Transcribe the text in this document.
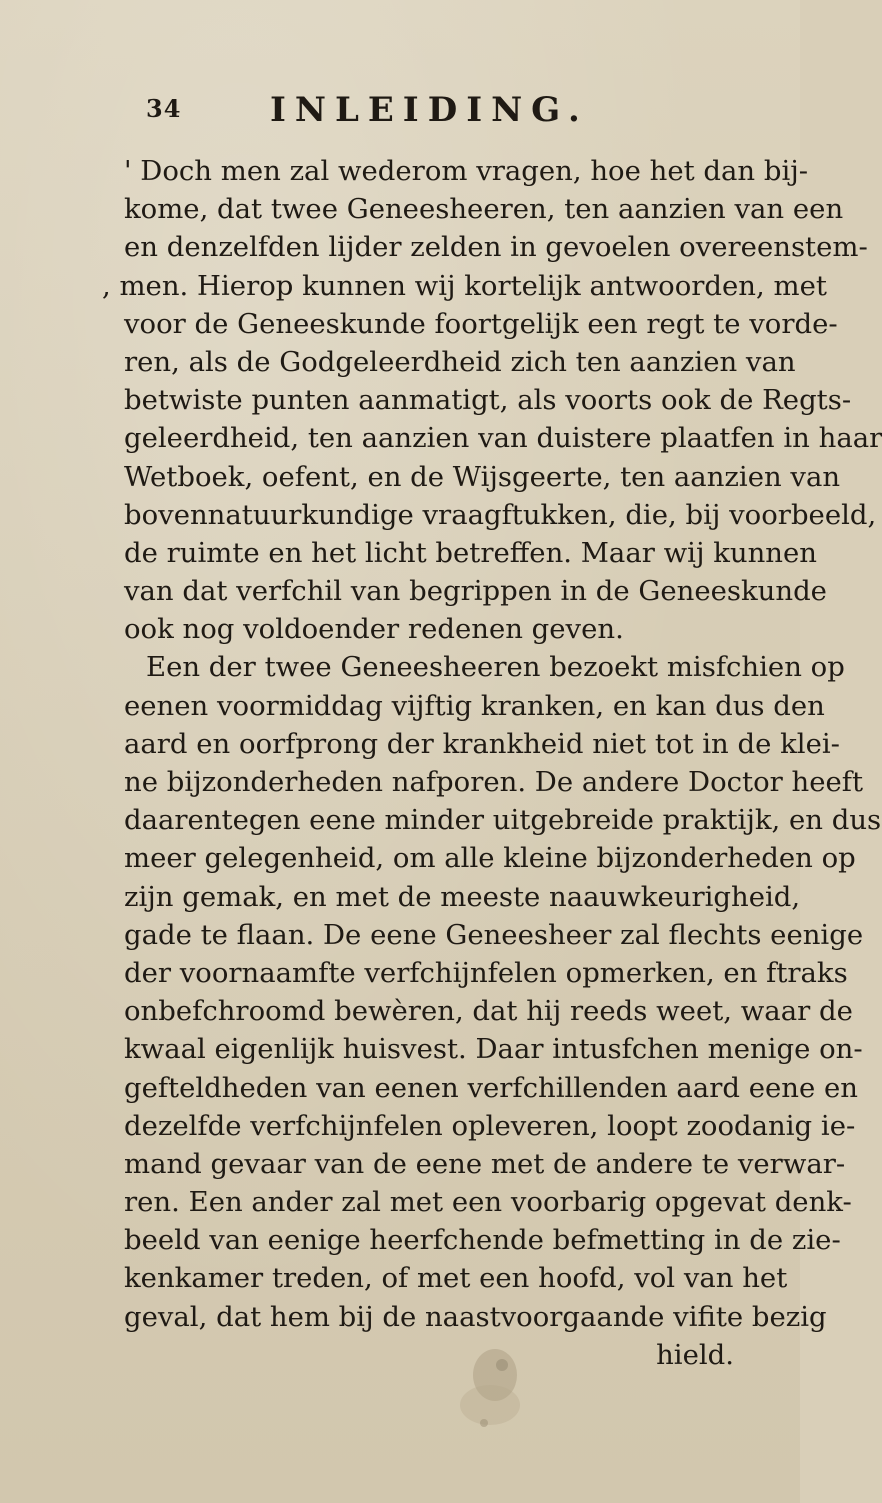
34	INLEIDING.
' Doch men zal wederom vragen, hoe het dan bij-
kome, dat twee Geneesheeren, ten aanzien van een
en denzelfden lijder zelden in gevoelen overeenstem-
, men. Hierop kunnen wij kortelijk antwoorden, met
voor de Geneeskunde foortgelijk een regt te vorde-
ren, als de Godgeleerdheid zich ten aanzien van
betwiste punten aanmatigt, als voorts ook de Regts-
geleerdheid, ten aanzien van duistere plaatfen in haar
Wetboek, oefent, en de Wijsgeerte, ten aanzien van
bovennatuurkundige vraagftukken, die, bij voorbeeld,
de ruimte en het licht betreffen. Maar wij kunnen
van dat verfchil van begrippen in de Geneeskunde
ook nog voldoender redenen geven.
Een der twee Geneesheeren bezoekt misfchien op
eenen voormiddag vijftig kranken, en kan dus den
aard en oorfprong der krankheid niet tot in de klei-
ne bijzonderheden nafporen. De andere Doctor heeft
daarentegen eene minder uitgebreide praktijk, en dus
meer gelegenheid, om alle kleine bijzonderheden op
zijn gemak, en met de meeste naauwkeurigheid,
gade te flaan. De eene Geneesheer zal flechts eenige
der voornaamfte verfchijnfelen opmerken, en ftraks
onbefchroomd bewèren, dat hij reeds weet, waar de
kwaal eigenlijk huisvest. Daar intusfchen menige on-
gefteldheden van eenen verfchillenden aard eene en
dezelfde verfchijnfelen opleveren, loopt zoodanig ie-
mand gevaar van de eene met de andere te verwar-
ren. Een ander zal met een voorbarig opgevat denk-
beeld van eenige heerfchende befmetting in de zie-
kenkamer treden, of met een hoofd, vol van het
geval, dat hem bij de naastvoorgaande vifite bezig
hield.
